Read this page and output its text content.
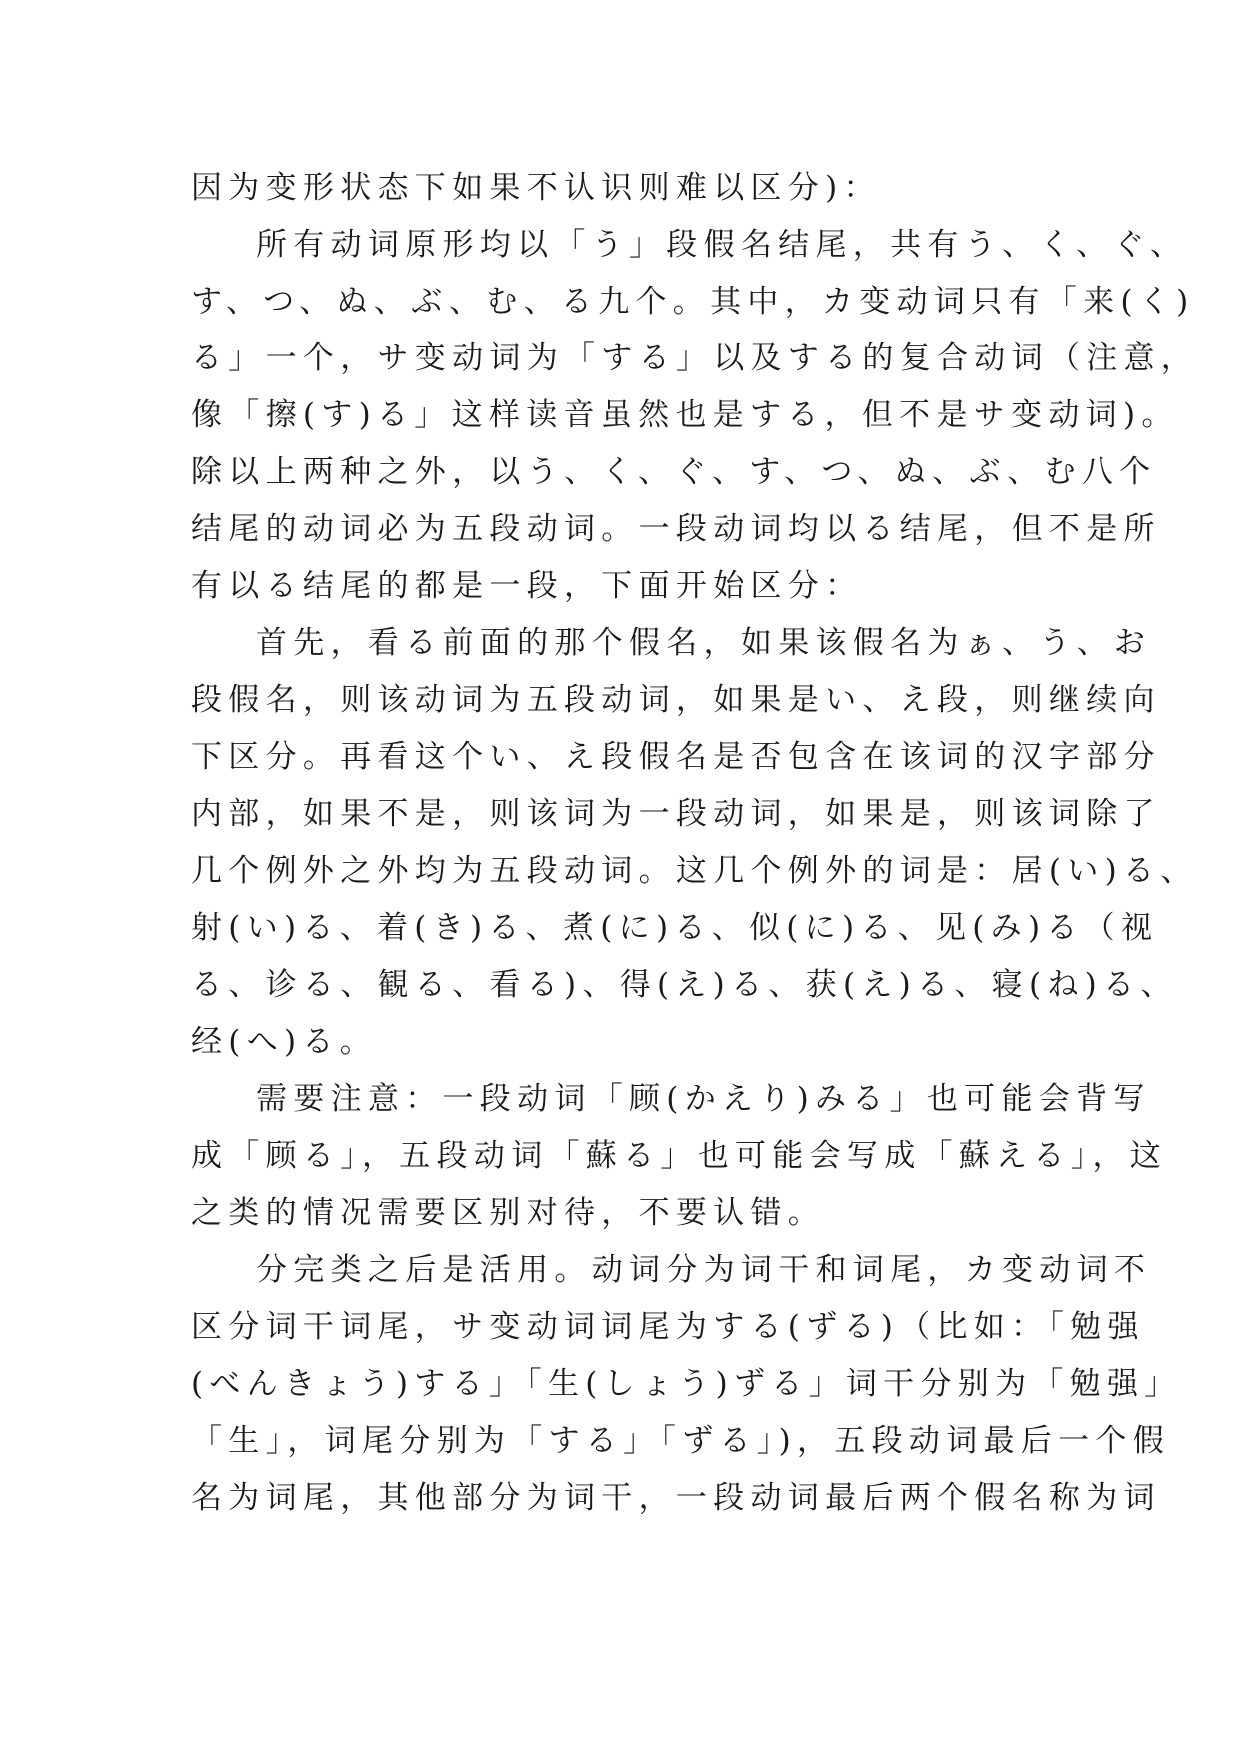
因为变形状态下如果不认识则难以区分)：
所有动词原形均以「う」段假名结尾，共有う、く、ぐ、
す、つ、ぬ、ぶ、む、る九个。其中，カ变动词只有「来(く)
る」一个，サ变动词为「する」以及する的复合动词（注意，
像「擦(す)る」这样读音虽然也是する，但不是サ变动词)。
除以上两种之外，以う、く、ぐ、す、つ、ぬ、ぶ、む八个
结尾的动词必为五段动词。一段动词均以る结尾，但不是所
有以る结尾的都是一段，下面开始区分：
首先，看る前面的那个假名，如果该假名为ぁ、う、お
段假名，则该动词为五段动词，如果是い、え段，则继续向
下区分。再看这个い、え段假名是否包含在该词的汉字部分
内部，如果不是，则该词为一段动词，如果是，则该词除了
几个例外之外均为五段动词。这几个例外的词是：居(い)る、
射(い)る、着(き)る、煮(に)る、似(に)る、见(み)る（视
る、诊る、観る、看る)、得(え)る、获(え)る、寝(ね)る、
经(へ)る。
需要注意：一段动词「顾(かえり)みる」也可能会背写
成「顾る」，五段动词「蘇る」也可能会写成「蘇える」，这
之类的情况需要区别对待，不要认错。
分完类之后是活用。动词分为词干和词尾，カ变动词不
区分词干词尾，サ变动词词尾为する(ずる)（比如：「勉强
(べんきょう)する」「生(しょう)ずる」词干分别为「勉强」
「生」，词尾分别为「する」「ずる」)，五段动词最后一个假
名为词尾，其他部分为词干，一段动词最后两个假名称为词
